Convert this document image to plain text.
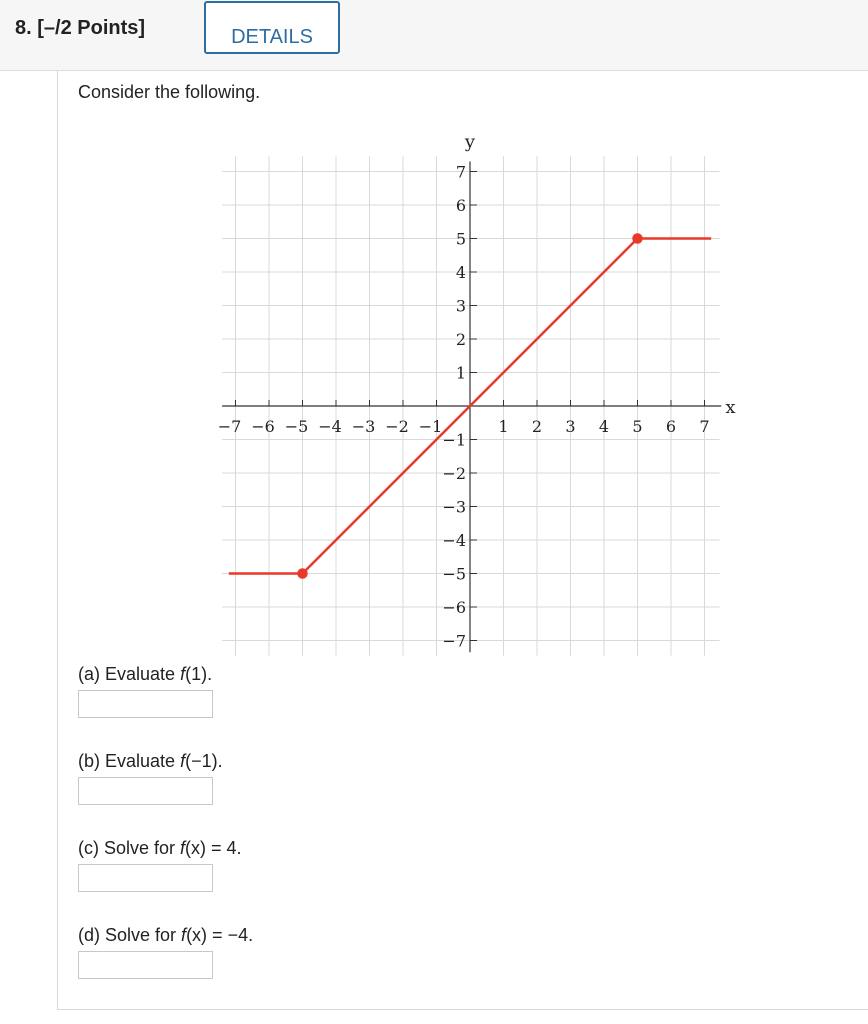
8. [–/2 Points]	DETAILS
Consider the following.
−7 −6 −5 −4 −3 −2 −1	1 2 3 4 5 6 7
−7
−6
−5
−4
−3
−2
−1
1
2
3
4
5
6
7
x
y
(a) Evaluate f(1).
(b) Evaluate f(−1).
(c) Solve for f(x) = 4.
(d) Solve for f(x) = −4.
